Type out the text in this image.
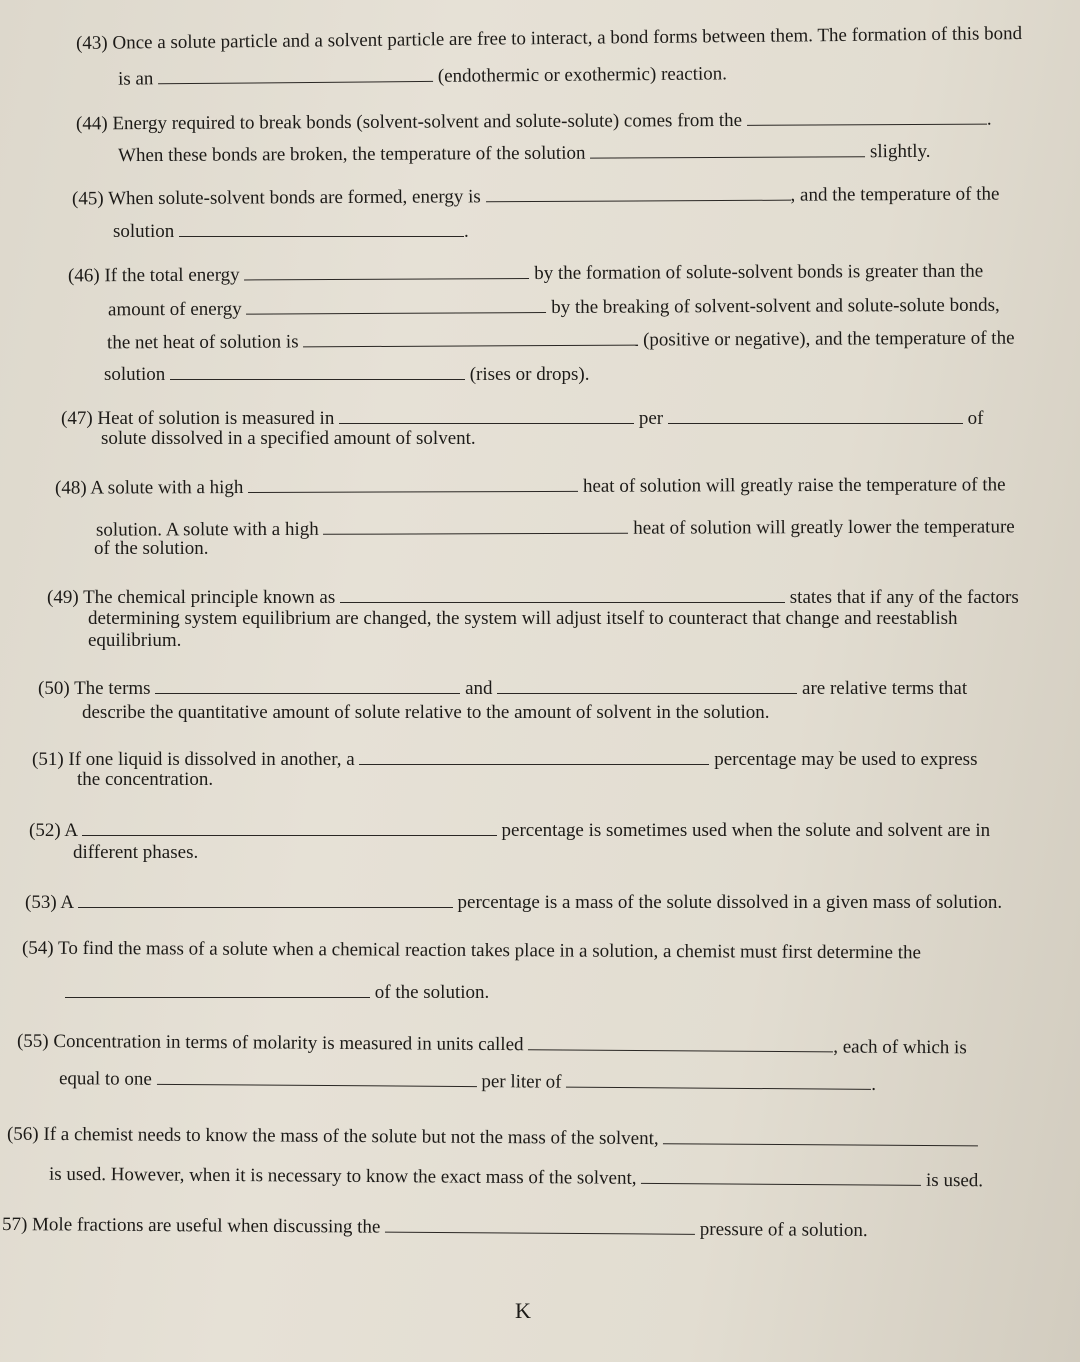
(43) Once a solute particle and a solvent particle are free to interact, a bond forms between them. The formation of this bond
is an	(endothermic or exothermic) reaction.
(44) Energy required to break bonds (solvent-solvent and solute-solute) comes from the	.
When these bonds are broken, the temperature of the solution	slightly.
(45) When solute-solvent bonds are formed, energy is	, and the temperature of the
solution	.
(46) If the total energy	by the formation of solute-solvent bonds is greater than the
amount of energy	by the breaking of solvent-solvent and solute-solute bonds,
the net heat of solution is	(positive or negative), and the temperature of the
solution	(rises or drops).
(47) Heat of solution is measured in	per	of
solute dissolved in a specified amount of solvent.
(48) A solute with a high	heat of solution will greatly raise the temperature of the
solution. A solute with a high	heat of solution will greatly lower the temperature
of the solution.
(49) The chemical principle known as	states that if any of the factors
determining system equilibrium are changed, the system will adjust itself to counteract that change and reestablish
equilibrium.
(50) The terms	and	are relative terms that
describe the quantitative amount of solute relative to the amount of solvent in the solution.
(51) If one liquid is dissolved in another, a	percentage may be used to express
the concentration.
(52) A	percentage is sometimes used when the solute and solvent are in
different phases.
(53) A	percentage is a mass of the solute dissolved in a given mass of solution.
(54) To find the mass of a solute when a chemical reaction takes place in a solution, a chemist must first determine the
of the solution.
(55) Concentration in terms of molarity is measured in units called	, each of which is
equal to one	per liter of	.
(56) If a chemist needs to know the mass of the solute but not the mass of the solvent,
is used. However, when it is necessary to know the exact mass of the solvent,	is used.
57) Mole fractions are useful when discussing the	pressure of a solution.
K
